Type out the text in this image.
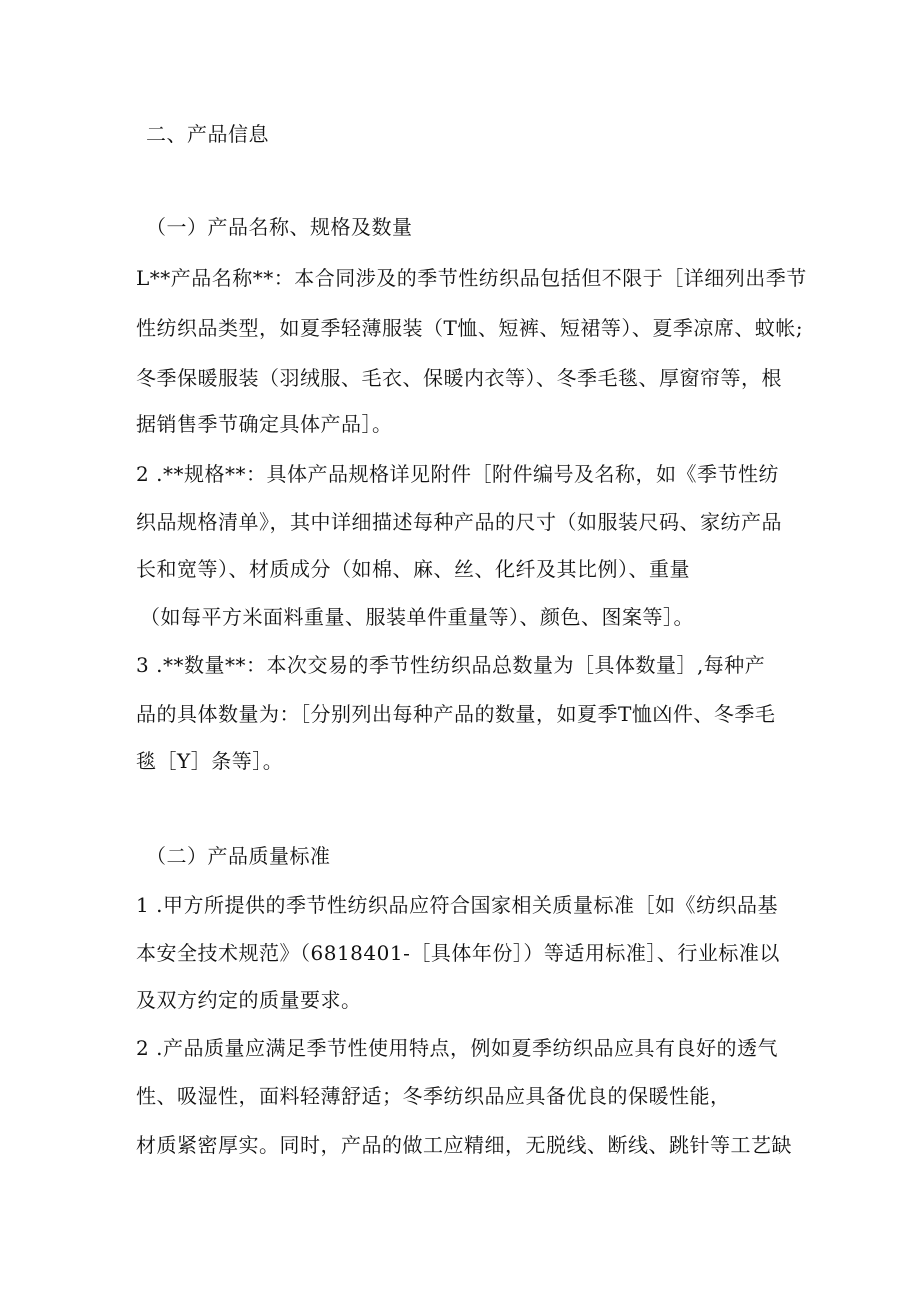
二、产品信息
（一）产品名称、规格及数量
L**产品名称**：本合同涉及的季节性纺织品包括但不限于［详细列出季节
性纺织品类型，如夏季轻薄服装（T恤、短裤、短裙等）、夏季凉席、蚊帐;
冬季保暖服装（羽绒服、毛衣、保暖内衣等）、冬季毛毯、厚窗帘等，根
据销售季节确定具体产品］。
2 .**规格**：具体产品规格详见附件［附件编号及名称，如《季节性纺
织品规格清单》，其中详细描述每种产品的尺寸（如服装尺码、家纺产品
长和宽等）、材质成分（如棉、麻、丝、化纤及其比例）、重量
（如每平方米面料重量、服装单件重量等）、颜色、图案等］。
3 .**数量**：本次交易的季节性纺织品总数量为［具体数量］,每种产
品的具体数量为：［分别列出每种产品的数量，如夏季T恤凶件、冬季毛
毯［Y］条等］。
（二）产品质量标准
1 .甲方所提供的季节性纺织品应符合国家相关质量标准［如《纺织品基
本安全技术规范》（6818401-［具体年份］）等适用标准］、行业标准以
及双方约定的质量要求。
2 .产品质量应满足季节性使用特点，例如夏季纺织品应具有良好的透气
性、吸湿性，面料轻薄舒适；冬季纺织品应具备优良的保暖性能，
材质紧密厚实。同时，产品的做工应精细，无脱线、断线、跳针等工艺缺
